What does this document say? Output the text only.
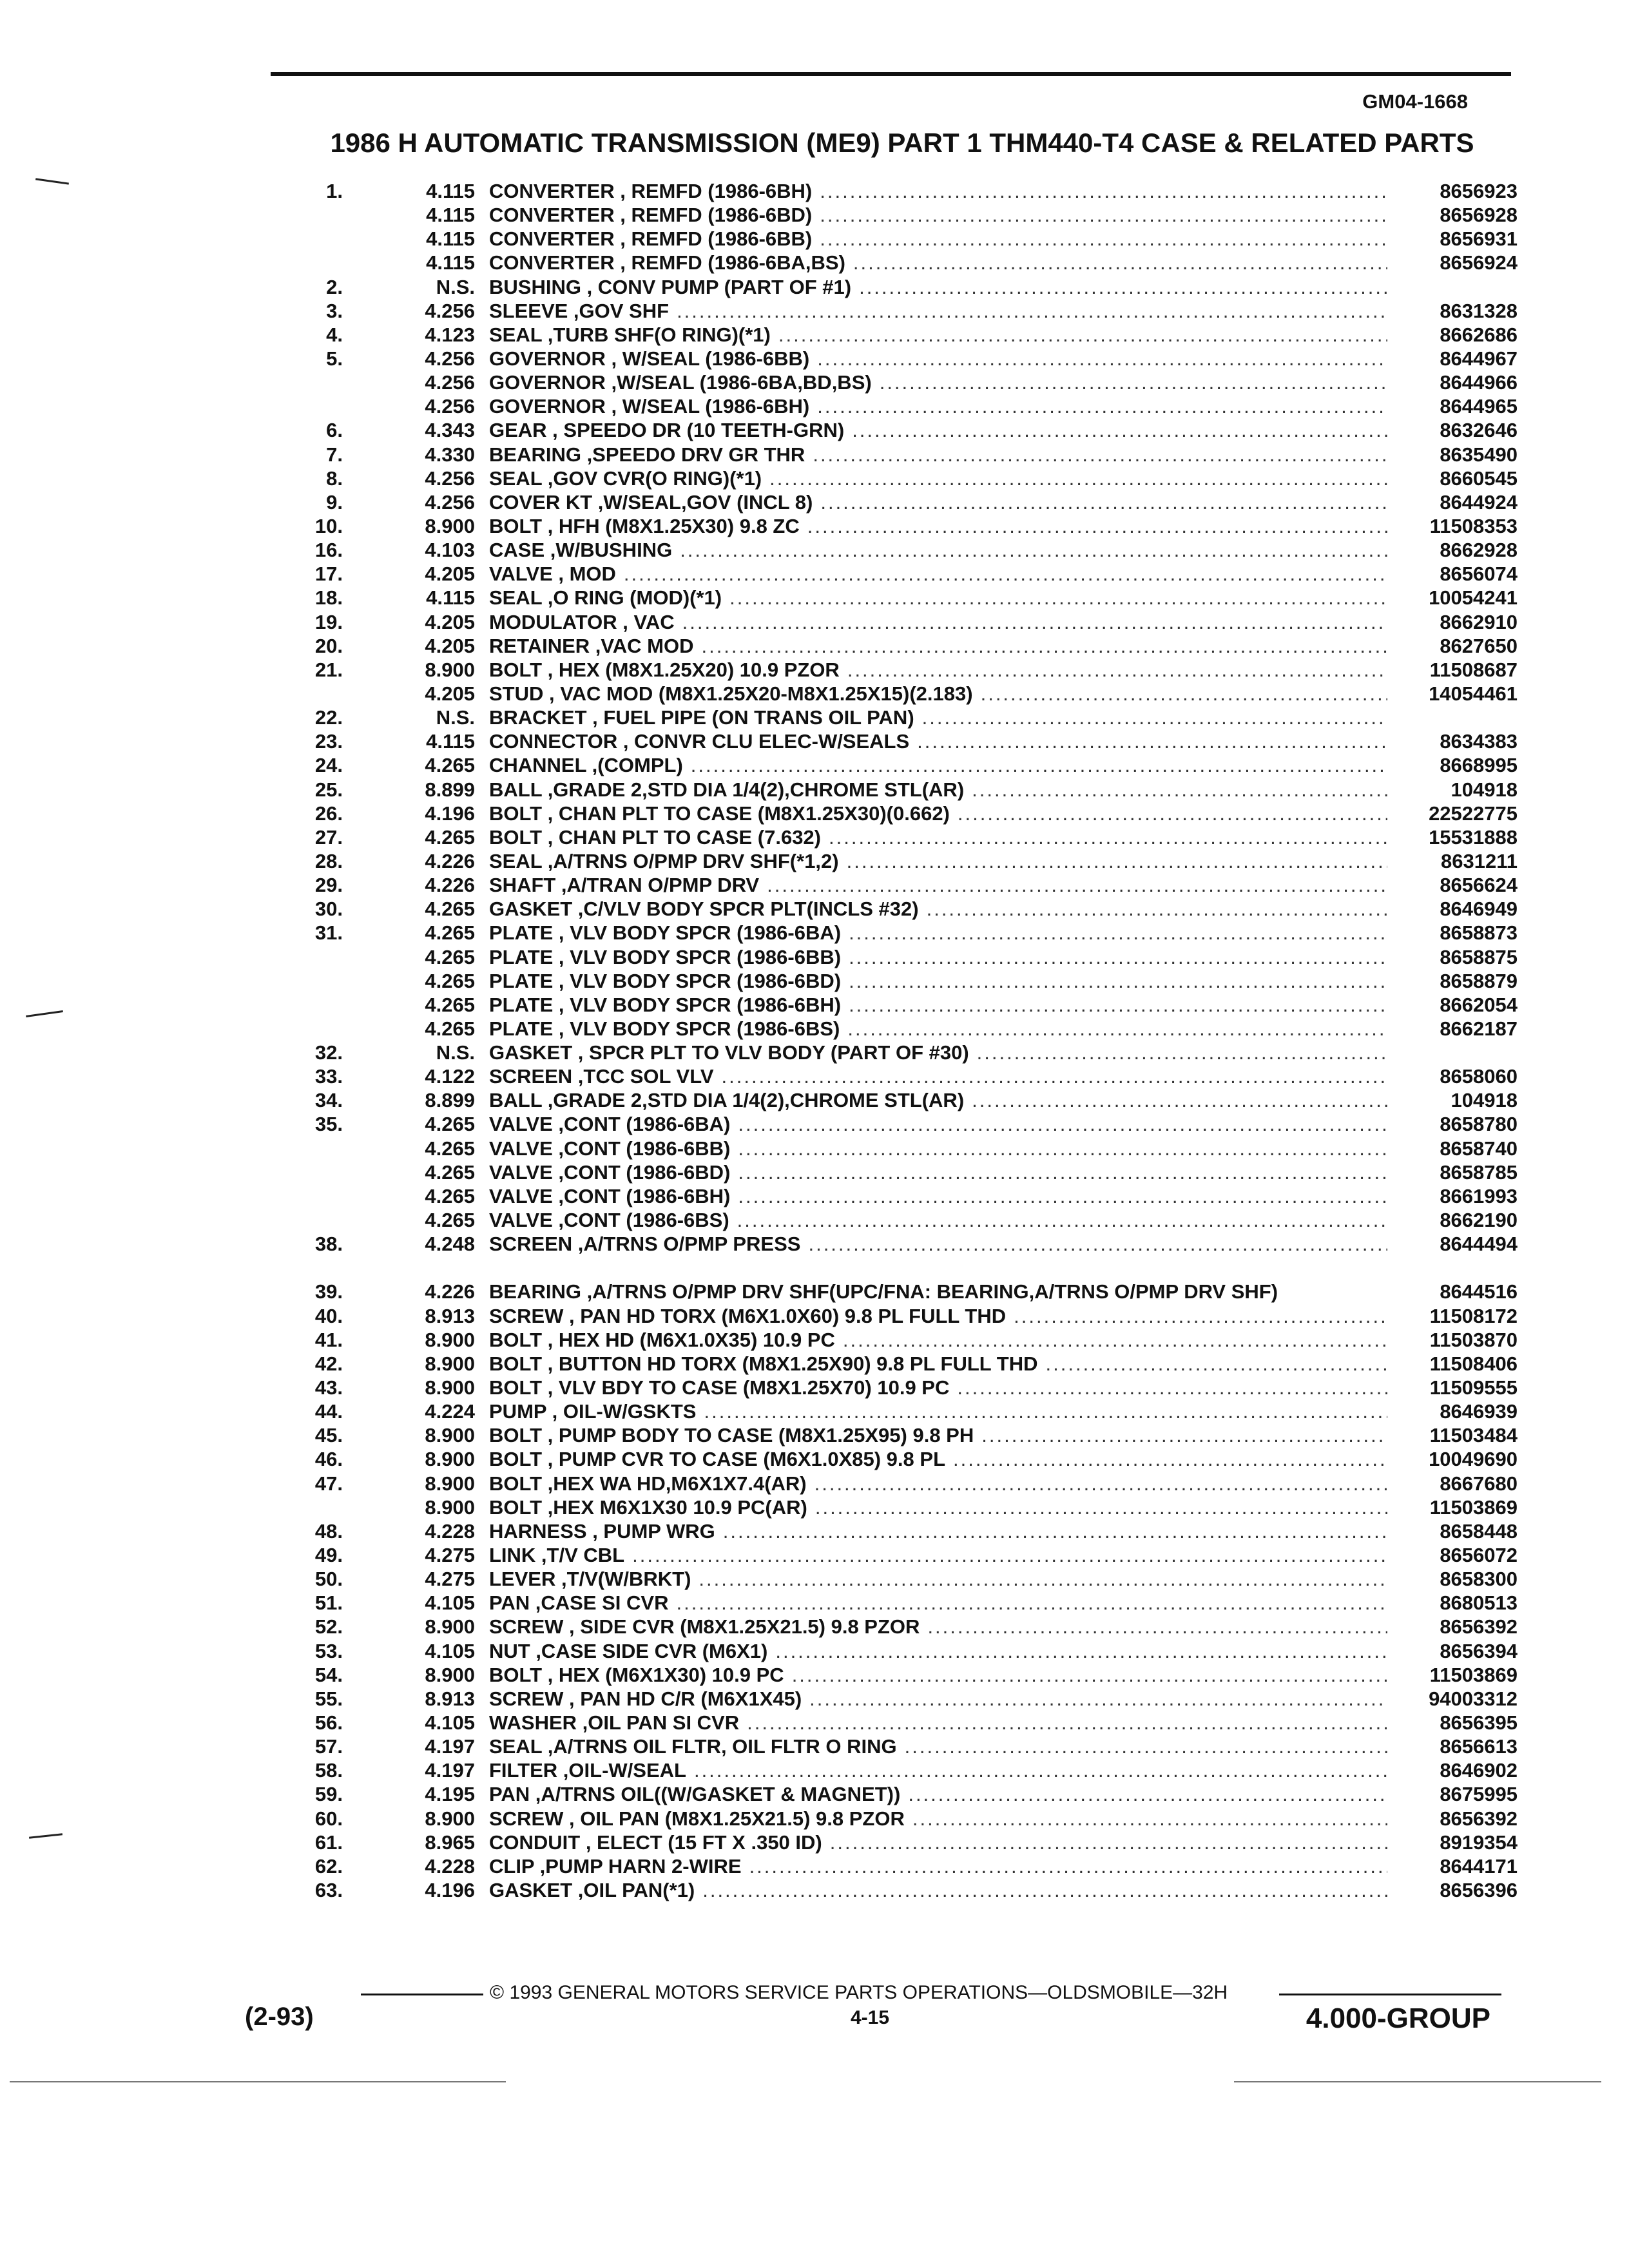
GM04-1668
1986 H AUTOMATIC TRANSMISSION (ME9) PART 1 THM440-T4 CASE & RELATED PARTS
1.	4.115 CONVERTER , REMFD (1986-6BH) .....	8656923
4.115 CONVERTER , REMFD (1986-6BD) .....	8656928
4.115 CONVERTER , REMFD (1986-6BB) .....	8656931
4.115 CONVERTER , REMFD (1986-6BA,BS) .....	8656924
2.	N.S. BUSHING , CONV PUMP (PART OF #1)
.....
3.	4.256 SLEEVE ,GOV SHF .....	8631328
4.	4.123 SEAL ,TURB SHF(O RING)(*1) .....	8662686
5.	4.256 GOVERNOR , W/SEAL (1986-6BB) .....	8644967
4.256 GOVERNOR ,W/SEAL (1986-6BA,BD,BS) .....	8644966
4.256 GOVERNOR , W/SEAL (1986-6BH) .....	8644965
6.	4.343 GEAR , SPEEDO DR (10 TEETH-GRN) .....	8632646
7.	4.330 BEARING ,SPEEDO DRV GR THR .....	8635490
8.	4.256 SEAL ,GOV CVR(O RING)(*1) .....	8660545
9.	4.256 COVER KT ,W/SEAL,GOV (INCL 8) .....	8644924
10.	8.900 BOLT , HFH (M8X1.25X30) 9.8 ZC .....	11508353
16.	4.103 CASE ,W/BUSHING .....	8662928
17.	4.205 VALVE , MOD .....	8656074
18.	4.115 SEAL ,O RING (MOD)(*1) .....	10054241
19.	4.205 MODULATOR , VAC .....	8662910
20.	4.205 RETAINER ,VAC MOD .....	8627650
21.	8.900 BOLT , HEX (M8X1.25X20) 10.9 PZOR .....	11508687
4.205 STUD , VAC MOD (M8X1.25X20-M8X1.25X15)(2.183) .....	14054461
22.	N.S. BRACKET , FUEL PIPE (ON TRANS OIL PAN)
.....
23.	4.115 CONNECTOR , CONVR CLU ELEC-W/SEALS .....	8634383
24.	4.265 CHANNEL ,(COMPL) .....	8668995
25.	8.899 BALL ,GRADE 2,STD DIA 1/4(2),CHROME STL(AR) .....	104918
26.	4.196 BOLT , CHAN PLT TO CASE (M8X1.25X30)(0.662) .....	22522775
27.	4.265 BOLT , CHAN PLT TO CASE (7.632) .....	15531888
28.	4.226 SEAL ,A/TRNS O/PMP DRV SHF(*1,2) .....	8631211
29.	4.226 SHAFT ,A/TRAN O/PMP DRV .....	8656624
30.	4.265 GASKET ,C/VLV BODY SPCR PLT(INCLS #32) .....	8646949
31.	4.265 PLATE , VLV BODY SPCR (1986-6BA) .....	8658873
4.265 PLATE , VLV BODY SPCR (1986-6BB) .....	8658875
4.265 PLATE , VLV BODY SPCR (1986-6BD) .....	8658879
4.265 PLATE , VLV BODY SPCR (1986-6BH) .....	8662054
4.265 PLATE , VLV BODY SPCR (1986-6BS) .....	8662187
32.	N.S. GASKET , SPCR PLT TO VLV BODY (PART OF #30)
.....
33.	4.122 SCREEN ,TCC SOL VLV .....	8658060
34.	8.899 BALL ,GRADE 2,STD DIA 1/4(2),CHROME STL(AR) .....	104918
35.	4.265 VALVE ,CONT (1986-6BA) .....	8658780
4.265 VALVE ,CONT (1986-6BB) .....	8658740
4.265 VALVE ,CONT (1986-6BD) .....	8658785
4.265 VALVE ,CONT (1986-6BH) .....	8661993
4.265 VALVE ,CONT (1986-6BS) .....	8662190
38.	4.248 SCREEN ,A/TRNS O/PMP PRESS .....	8644494
39.	4.226 BEARING ,A/TRNS O/PMP DRV SHF(UPC/FNA: BEARING,A/TRNS O/PMP DRV SHF)	8644516
40.	8.913 SCREW , PAN HD TORX (M6X1.0X60) 9.8 PL FULL THD .....	11508172
41.	8.900 BOLT , HEX HD (M6X1.0X35) 10.9 PC .....	11503870
42.	8.900 BOLT , BUTTON HD TORX (M8X1.25X90) 9.8 PL FULL THD .....	11508406
43.	8.900 BOLT , VLV BDY TO CASE (M8X1.25X70) 10.9 PC .....	11509555
44.	4.224 PUMP , OIL-W/GSKTS .....	8646939
45.	8.900 BOLT , PUMP BODY TO CASE (M8X1.25X95) 9.8 PH .....	11503484
46.	8.900 BOLT , PUMP CVR TO CASE (M6X1.0X85) 9.8 PL .....	10049690
47.	8.900 BOLT ,HEX WA HD,M6X1X7.4(AR) .....	8667680
8.900 BOLT ,HEX M6X1X30 10.9 PC(AR) .....	11503869
48.	4.228 HARNESS , PUMP WRG .....	8658448
49.	4.275 LINK ,T/V CBL .....	8656072
50.	4.275 LEVER ,T/V(W/BRKT) .....	8658300
51.	4.105 PAN ,CASE SI CVR .....	8680513
52.	8.900 SCREW , SIDE CVR (M8X1.25X21.5) 9.8 PZOR .....	8656392
53.	4.105 NUT ,CASE SIDE CVR (M6X1) .....	8656394
54.	8.900 BOLT , HEX (M6X1X30) 10.9 PC .....	11503869
55.	8.913 SCREW , PAN HD C/R (M6X1X45) .....	94003312
56.	4.105 WASHER ,OIL PAN SI CVR .....	8656395
57.	4.197 SEAL ,A/TRNS OIL FLTR, OIL FLTR O RING .....	8656613
58.	4.197 FILTER ,OIL-W/SEAL .....	8646902
59.	4.195 PAN ,A/TRNS OIL((W/GASKET & MAGNET)) .....	8675995
60.	8.900 SCREW , OIL PAN (M8X1.25X21.5) 9.8 PZOR .....	8656392
61.	8.965 CONDUIT , ELECT (15 FT X .350 ID) .....	8919354
62.	4.228 CLIP ,PUMP HARN 2-WIRE .....	8644171
63.	4.196 GASKET ,OIL PAN(*1) .....	8656396
© 1993 GENERAL MOTORS SERVICE PARTS OPERATIONS—OLDSMOBILE—32H
(2-93)	4-15	4.000-GROUP
